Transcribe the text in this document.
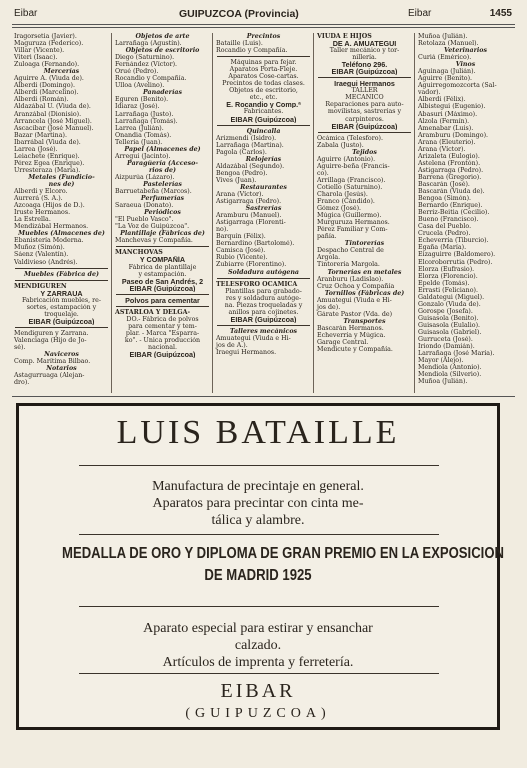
Eibar	GUIPUZCOA (Provincia)	Eibar	1455
Iragorsetia (Javier).
Maguruza (Federico).
Villar (Vicente).
Viteri (Isaac).
Zuloaga (Fernando).
Mercerías
Aguirre A. (Viuda de).
Alberdi (Domingo).
Alberdi (Marcelino).
Alberdi (Román).
Aldazábal U. (Viuda de).
Aranzábal (Dionisio).
Arrancela (José Miguel).
Ascacíbar (José Manuel).
Bazar (Martina).
Ibarrábal (Viuda de).
Larrea (José).
Leiachete (Enrique).
Pérez Egea (Enrique).
Urresteraza (María).
Metales (Fundicio-
nes de)
Alberdi y Elcoro.
Aurrerá (S. A.).
Azcoaga (Hijos de D.).
Iruste Hermanos.
La Estrella.
Mendizábal Hermanos.
Muebles (Almacenes de)
Ebanistería Moderna.
Muñoz (Simón).
Sáenz (Valentín).
Valdivieso (Andrés).
Muebles (Fábrica de)
MENDIGUREN
Y ZARRAUA
Fabricación muebles, re-
sortes, estampación y
troquelaje.
EIBAR (Guipúzcoa)
Mendiguren y Zarrana.
Valenciaga (Hijo de Jo-
sé).
Naviceros
Comp. Marítima Bilbao.
Notarios
Astagurruaga (Alejan-
dro).
Objetos de arte
Larrañaga (Agustín).
Objetos de escritorio
Diego (Saturnino).
Fernández (Víctor).
Orué (Pedro).
Rocandio y Compañía.
Ulloa (Avelino).
Panaderías
Eguren (Benito).
Idiaraz (José).
Larrañaga (Justo).
Larrañaga (Tomás).
Larrea (Julián).
Onandia (Tomás).
Tellería (Juan).
Papel (Almacenes de)
Arregui (Jacinto).
Paragüería (Acceso-
rios de)
Aizpurúa (Lázaro).
Pastelerías
Barruetabeña (Marcos).
Perfumerías
Saraeua (Donato).
Periódicos
"El Pueblo Vasco".
"La Voz de Guipúzcoa".
Plantillaje (Fábricas de)
Manchevas y Compañía.
MANCHOVAS
Y COMPAÑÍA
Fábrica de plantillaje
y estampación.
Paseo de San Andrés, 2
EIBAR (Guipúzcoa)
Polvos para cementar
ASTARLOA Y DELGA-
DO.- Fábrica de polvos
para cementar y tem-
plar. - Marca "Esparra-
ko". - Única producción
nacional.
EIBAR (Guipúzcoa)
Precintos
Bataille (Luis).
Rocandio y Compañía.
Máquinas para fejar.
Aparatos Porta-Fleje.
Aparatos Cose-cartas.
Precintos de todas clases.
Objetos de escritorio,
etc., etc.
E. Rocandio y Comp.ª
Fabricantes.
EIBAR (Guipúzcoa)
Quincalla
Arizmendi (Isidro).
Larrañaga (Martina).
Pagola (Carlos).
Relojerías
Aldazábal (Segundo).
Bengoa (Pedro).
Vives (Juan).
Restaurantes
Arana (Víctor).
Astigarraga (Pedro).
Sastrerías
Aramburu (Manuel).
Astigarraga (Florenti-
no).
Barquín (Félix).
Bernardino (Bartolomé).
Camisca (José).
Rubio (Vicente).
Zubiarre (Florentino).
Soldadura autógena
TELESFORO OCAMICA
Plantillas para grabado-
res y soldadura autóge-
na. Piezas troqueladas y
anillos para cojinetes.
EIBAR (Guipúzcoa)
Talleres mecánicos
Amuategui (Viuda e Hi-
jos de A.).
Iraegui Hermanos.
VIUDA E HIJOS
DE A. AMUATEGUI
Taller mecánico y tor-
nillería.
Teléfono 296.
EIBAR (Guipúzcoa)
Iraegui Hermanos
TALLER
MECÁNICO
Reparaciones para auto-
movilistas, sastrerías y
carpinteros.
EIBAR (Guipúzcoa)
Ocámica (Telesforo).
Zabala (Justo).
Tejidos
Aguirre (Antonio).
Aguirre-beña (Francis-
co).
Arrillaga (Francisco).
Cotiello (Saturnino).
Charola (Jesús).
Franco (Cándido).
Gómez (José).
Múgica (Guillermo).
Murguruza Hermanos.
Pérez Familiar y Com-
pañía.
Tintorerías
Despacho Central de
Argola.
Tintorería Margola.
Tornerías en metales
Aranburu (Ladislao).
Cruz Ochoa y Compañía
Tornillos (Fábricas de)
Amuategui (Viuda e Hi-
jos de).
Gárate Pastor (Vda. de)
Transportes
Bascarán Hermanos.
Echeverría y Múgica.
Garage Central.
Mendicute y Compañía.
Muñoa (Julián).
Retolaza (Manuel).
Veterinarios
Curiá (Emérico).
Vinos
Aguinaga (Julián).
Aguirre (Benito).
Aguirregomozcorta (Sal-
vador).
Alberdi (Félix).
Albistegui (Eugenio).
Abasuri (Máximo).
Alzola (Fermín).
Amenabar (Luis).
Aramburu (Domingo).
Arana (Eleuterio).
Arana (Víctor).
Arizaleta (Eulogio).
Astelena (Frontón).
Astigarraga (Pedro).
Barrena (Gregorio).
Bascarán (José).
Bascarán (Viuda de).
Bengoa (Simón).
Bernardo (Enrique).
Berriz-Beitia (Cecilio).
Bueno (Francisco).
Casa del Pueblo.
Crucela (Pedro).
Echeverría (Tiburcio).
Egaña (María).
Eizaguirre (Baldomero).
Elcoroborrutia (Pedro).
Elorza (Eufrasio).
Elorza (Florencio).
Epelde (Tomás).
Errasti (Feliciano).
Galdategui (Miguel).
Gonzalo (Viuda de).
Gorospe (Josefa).
Guisasola (Benito).
Guisasola (Eulalio).
Guisasola (Gabriel).
Gurruceta (José).
Iriondo (Damián).
Larrañaga (José María).
Mayor (Alejo).
Mendiola (Antonio).
Mendiola (Silverio).
Muñoa (Julián).
LUIS BATAILLE
Manufactura de precintaje en general.
Aparatos para precintar con cinta me-
tálica y alambre.
MEDALLA DE ORO Y DIPLOMA DE GRAN PREMIO EN LA EXPOSICION
DE MADRID 1925
Aparato especial para estirar y ensanchar
calzado.
Artículos de imprenta y ferretería.
EIBAR
(GUIPUZCOA)
